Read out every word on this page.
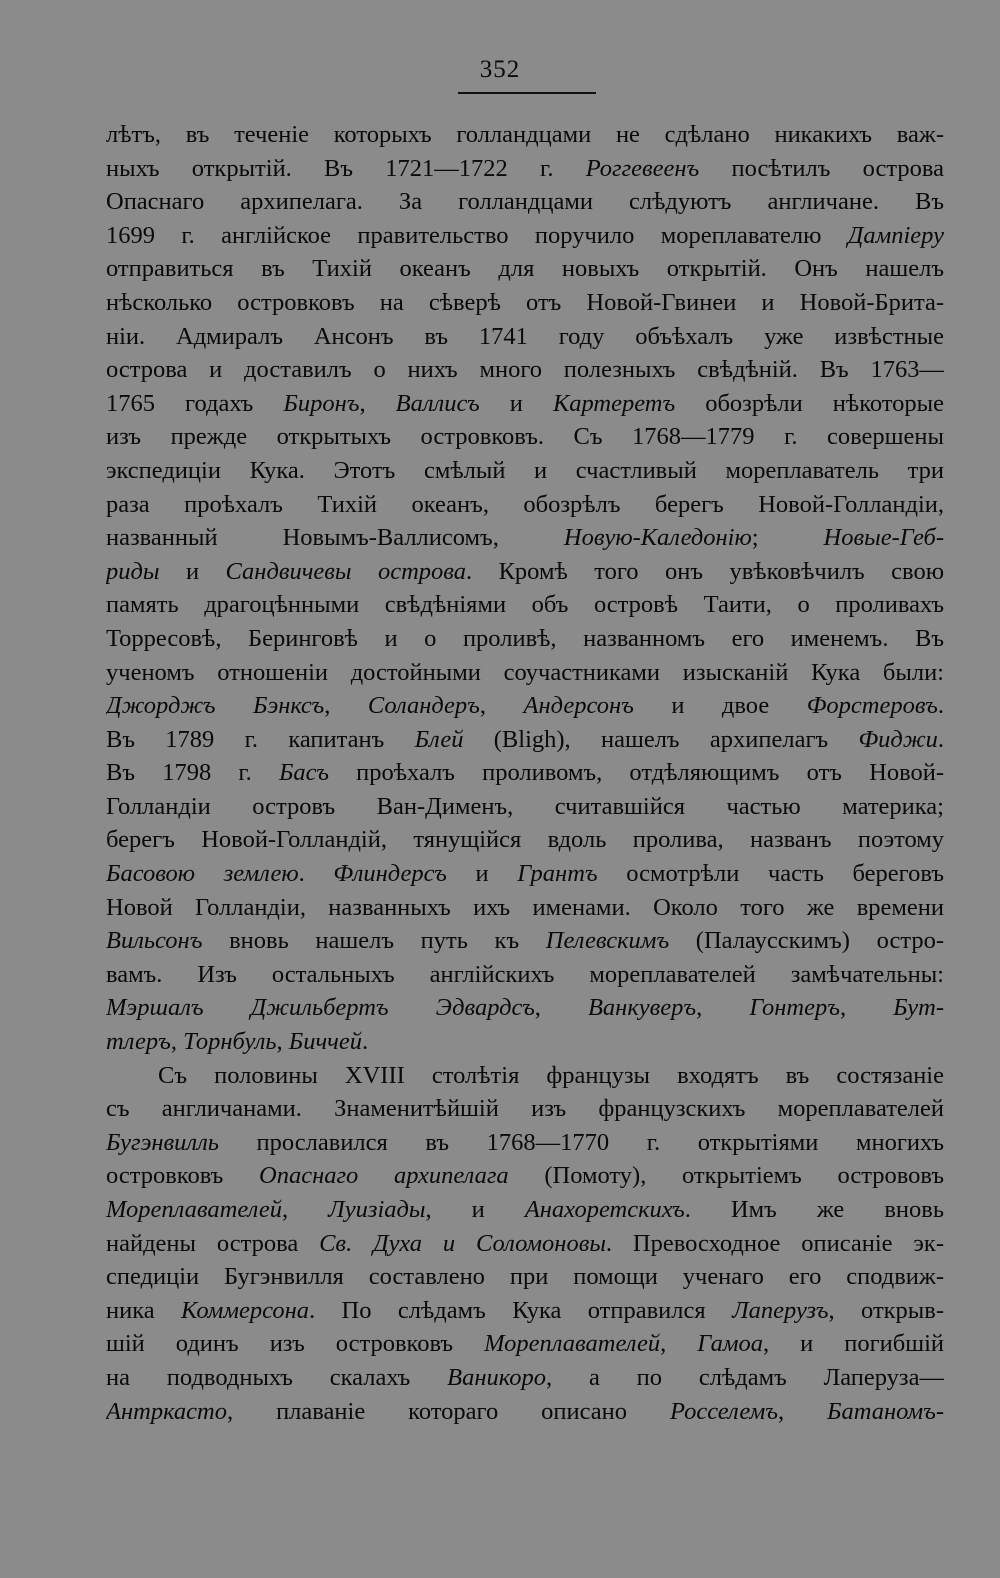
352
лѣтъ, въ теченіе которыхъ голландцами не сдѣлано никакихъ важ-
ныхъ открытій. Въ 1721—1722 г. Роггевеенъ посѣтилъ острова
Опаснаго архипелага. За голландцами слѣдуютъ англичане. Въ
1699 г. англійское правительство поручило мореплавателю Дампіеру
отправиться въ Тихій океанъ для новыхъ открытій. Онъ нашелъ
нѣсколько островковъ на сѣверѣ отъ Новой-Гвинеи и Новой-Брита-
ніи. Адмиралъ Ансонъ въ 1741 году объѣхалъ уже извѣстные
острова и доставилъ о нихъ много полезныхъ свѣдѣній. Въ 1763—
1765 годахъ Биронъ, Валлисъ и Картеретъ обозрѣли нѣкоторые
изъ прежде открытыхъ островковъ. Съ 1768—1779 г. совершены
экспедиціи Кука. Этотъ смѣлый и счастливый мореплаватель три
раза проѣхалъ Тихій океанъ, обозрѣлъ берегъ Новой-Голландіи,
названный Новымъ-Валлисомъ, Новую-Каледонію; Новые-Геб-
риды и Сандвичевы острова. Кромѣ того онъ увѣковѣчилъ свою
память драгоцѣнными свѣдѣніями объ островѣ Таити, о проливахъ
Торресовѣ, Беринговѣ и о проливѣ, названномъ его именемъ. Въ
ученомъ отношеніи достойными соучастниками изысканій Кука были:
Джорджъ Бэнксъ, Соландеръ, Андерсонъ и двое Форстеровъ.
Въ 1789 г. капитанъ Блей (Bligh), нашелъ архипелагъ Фиджи.
Въ 1798 г. Басъ проѣхалъ проливомъ, отдѣляющимъ отъ Новой-
Голландіи островъ Ван-Дименъ, считавшійся частью материка;
берегъ Новой-Голландій, тянущійся вдоль пролива, названъ поэтому
Басовою землею. Флиндерсъ и Грантъ осмотрѣли часть береговъ
Новой Голландіи, названныхъ ихъ именами. Около того же времени
Вильсонъ вновь нашелъ путь къ Пелевскимъ (Палаусскимъ) остро-
вамъ. Изъ остальныхъ англійскихъ мореплавателей замѣчательны:
Мэршалъ Джильбертъ Эдвардсъ, Ванкуверъ, Гонтеръ, Бут-
тлеръ, Торнбуль, Биччей.
Съ половины XVIII столѣтія французы входятъ въ состязаніе
съ англичанами. Знаменитѣйшій изъ французскихъ мореплавателей
Бугэнвилль прославился въ 1768—1770 г. открытіями многихъ
островковъ Опаснаго архипелага (Помоту), открытіемъ острововъ
Мореплавателей, Луизіады, и Анахоретскихъ. Имъ же вновь
найдены острова Св. Духа и Соломоновы. Превосходное описаніе эк-
спедиціи Бугэнвилля составлено при помощи ученаго его сподвиж-
ника Коммерсона. По слѣдамъ Кука отправился Лаперузъ, открыв-
шій одинъ изъ островковъ Мореплавателей, Гамоа, и погибшій
на подводныхъ скалахъ Ваникоро, а по слѣдамъ Лаперуза—
Антркасто, плаваніе котораго описано Росселемъ, Батаномъ-
